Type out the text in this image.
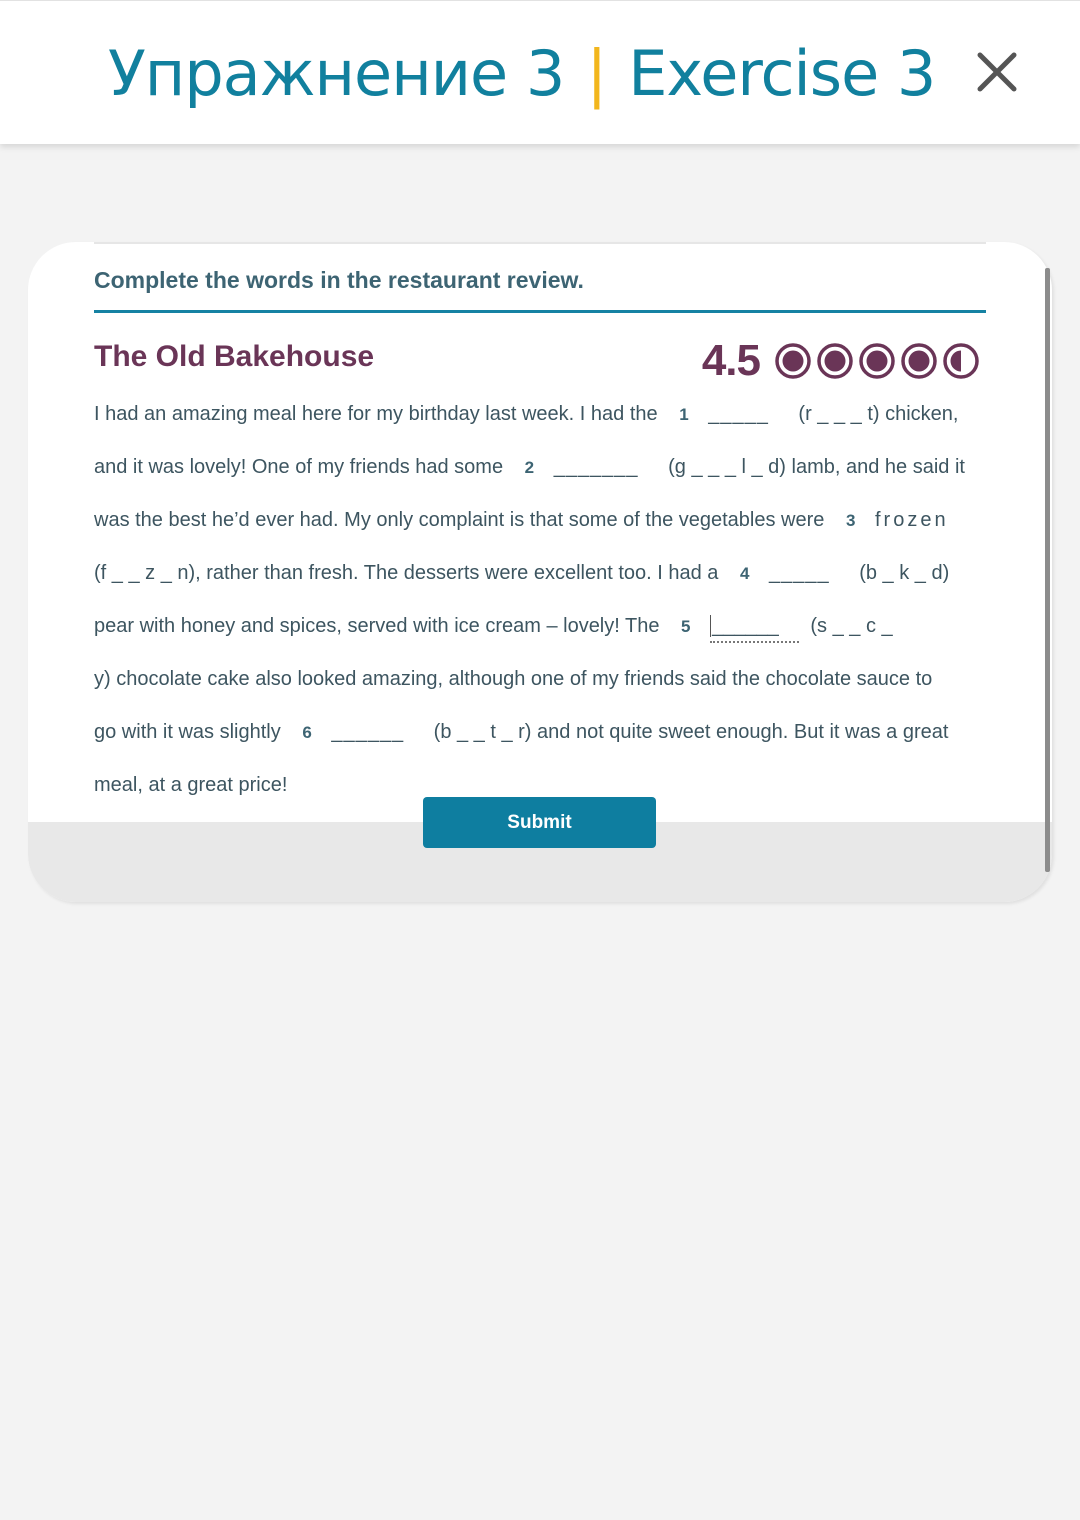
Упражнение 3 | Exercise 3
Complete the words in the restaurant review.
The Old Bakehouse	4.5
I had an amazing meal here for my birthday last week. I had the 1 _____ (r _ _ _ t) chicken,
and it was lovely! One of my friends had some 2 _______ (g _ _ _ l _ d) lamb, and he said it
was the best he’d ever had. My only complaint is that some of the vegetables were 3 frozen
(f _ _ z _ n), rather than fresh. The desserts were excellent too. I had a 4 _____ (b _ k _ d)
pear with honey and spices, served with ice cream – lovely! The 5 ______ (s _ _ c _
y) chocolate cake also looked amazing, although one of my friends said the chocolate sauce to
go with it was slightly 6 ______ (b _ _ t _ r) and not quite sweet enough. But it was a great
meal, at a great price!
Submit
